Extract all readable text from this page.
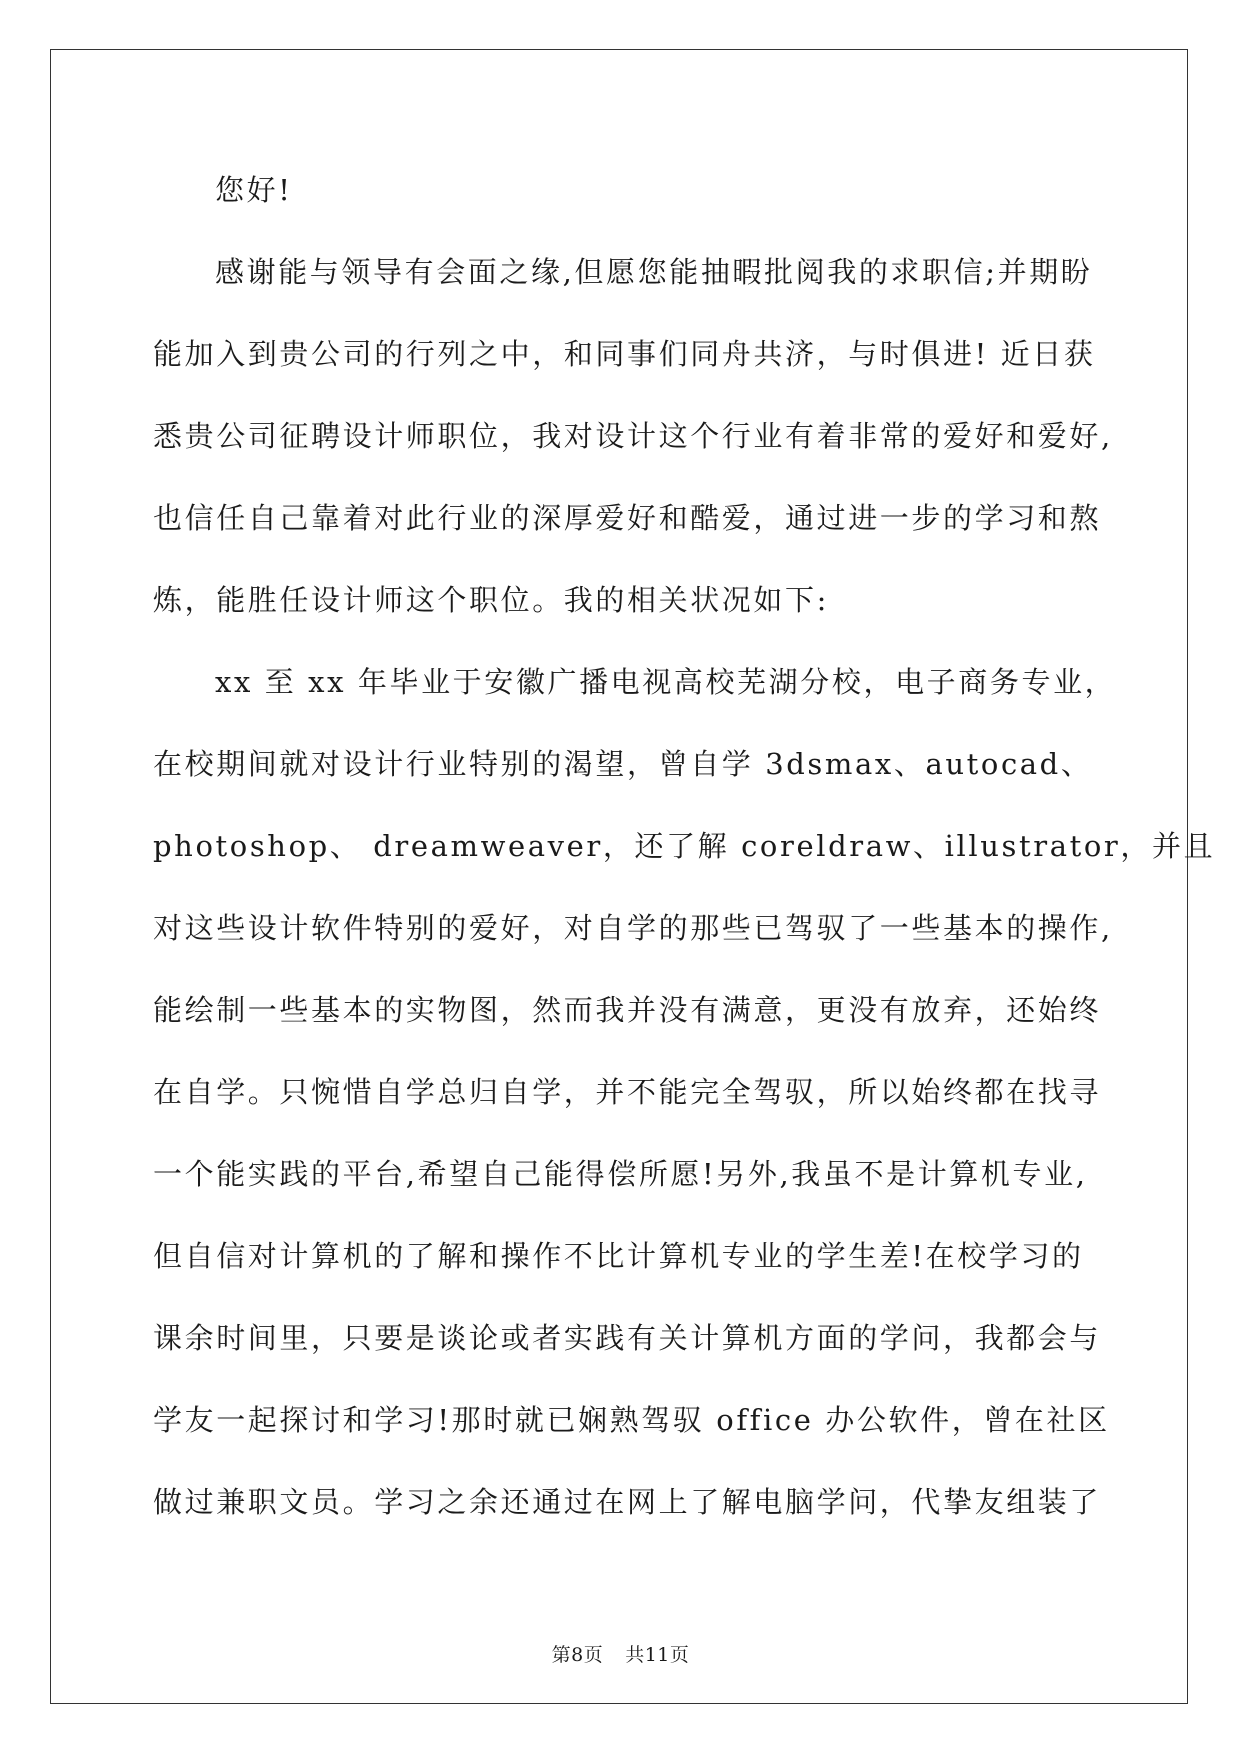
您好!
感谢能与领导有会面之缘,但愿您能抽暇批阅我的求职信;并期盼
能加入到贵公司的行列之中，和同事们同舟共济，与时俱进! 近日获
悉贵公司征聘设计师职位，我对设计这个行业有着非常的爱好和爱好,
也信任自己靠着对此行业的深厚爱好和酷爱，通过进一步的学习和熬
炼，能胜任设计师这个职位。我的相关状况如下:
xx 至 xx 年毕业于安徽广播电视高校芜湖分校，电子商务专业，
在校期间就对设计行业特别的渴望，曾自学 3dsmax、autocad、
photoshop、 dreamweaver，还了解 coreldraw、illustrator，并且
对这些设计软件特别的爱好，对自学的那些已驾驭了一些基本的操作,
能绘制一些基本的实物图，然而我并没有满意，更没有放弃，还始终
在自学。只惋惜自学总归自学，并不能完全驾驭，所以始终都在找寻
一个能实践的平台,希望自己能得偿所愿!另外,我虽不是计算机专业,
但自信对计算机的了解和操作不比计算机专业的学生差!在校学习的
课余时间里，只要是谈论或者实践有关计算机方面的学问，我都会与
学友一起探讨和学习!那时就已娴熟驾驭 office 办公软件，曾在社区
做过兼职文员。学习之余还通过在网上了解电脑学问，代挚友组装了
第8页 共11页
